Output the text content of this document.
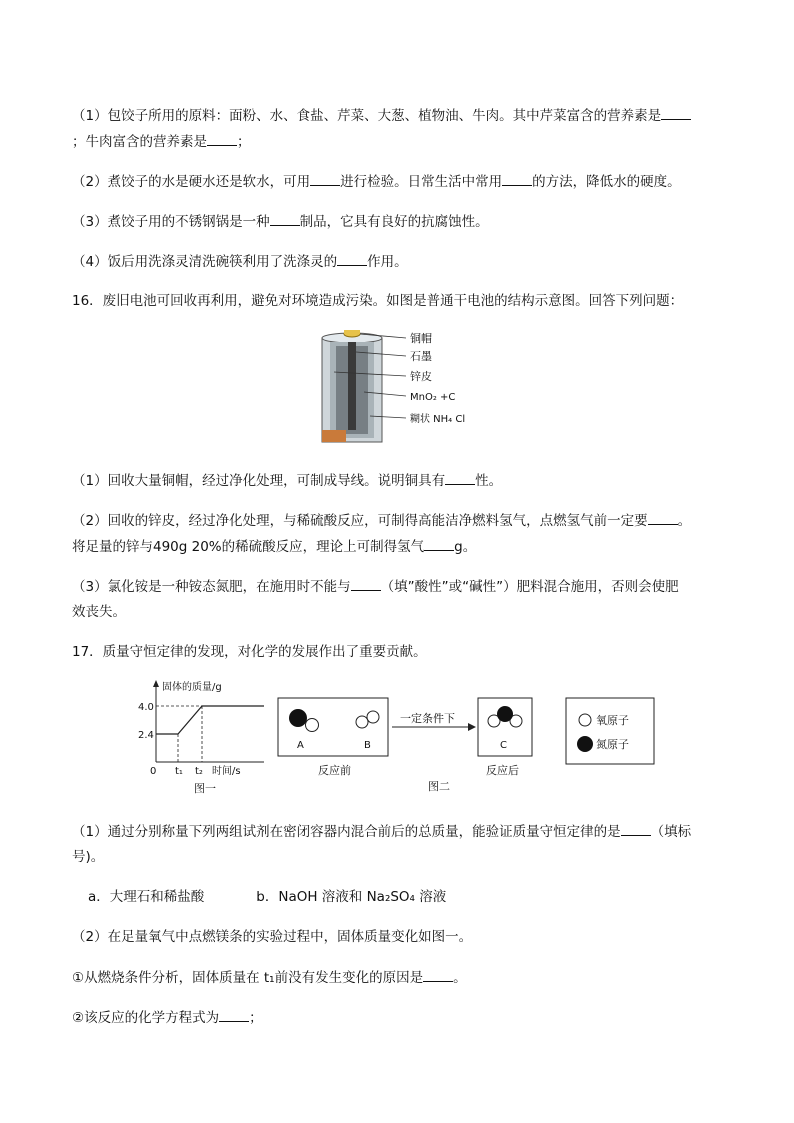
（1）包饺子所用的原料：面粉、水、食盐、芹菜、大葱、植物油、牛肉。其中芹菜富含的营养素是
；牛肉富含的营养素是 ；
（2）煮饺子的水是硬水还是软水，可用 进行检验。日常生活中常用 的方法，降低水的硬度。
（3）煮饺子用的不锈钢锅是一种 制品，它具有良好的抗腐蚀性。
（4）饭后用洗涤灵清洗碗筷利用了洗涤灵的 作用。
16．废旧电池可回收再利用，避免对环境造成污染。如图是普通干电池的结构示意图。回答下列问题：
铜帽
石墨
锌皮
MnO₂ +C
糊状 NH₄ Cl
（1）回收大量铜帽，经过净化处理，可制成导线。说明铜具有 性。
（2）回收的锌皮，经过净化处理，与稀硫酸反应，可制得高能洁净燃料氢气，点燃氢气前一定要 。
将足量的锌与490g 20%的稀硫酸反应，理论上可制得氢气 g。
（3）氯化铵是一种铵态氮肥，在施用时不能与 （填”酸性”或“碱性”）肥料混合施用，否则会使肥
效丧失。
17．质量守恒定律的发现，对化学的发展作出了重要贡献。
固体的质量/g
4.0
2.4
0 t₁ t₂ 时间/s
图一
A	B
一定条件下
C
氧原子
氮原子
反应前	反应后
图二
（1）通过分别称量下列两组试剂在密闭容器内混合前后的总质量，能验证质量守恒定律的是 （填标
号)。
a．大理石和稀盐酸	b．NaOH 溶液和 Na₂SO₄ 溶液
（2）在足量氧气中点燃镁条的实验过程中，固体质量变化如图一。
①从燃烧条件分析，固体质量在 t₁前没有发生变化的原因是 。
②该反应的化学方程式为 ；
